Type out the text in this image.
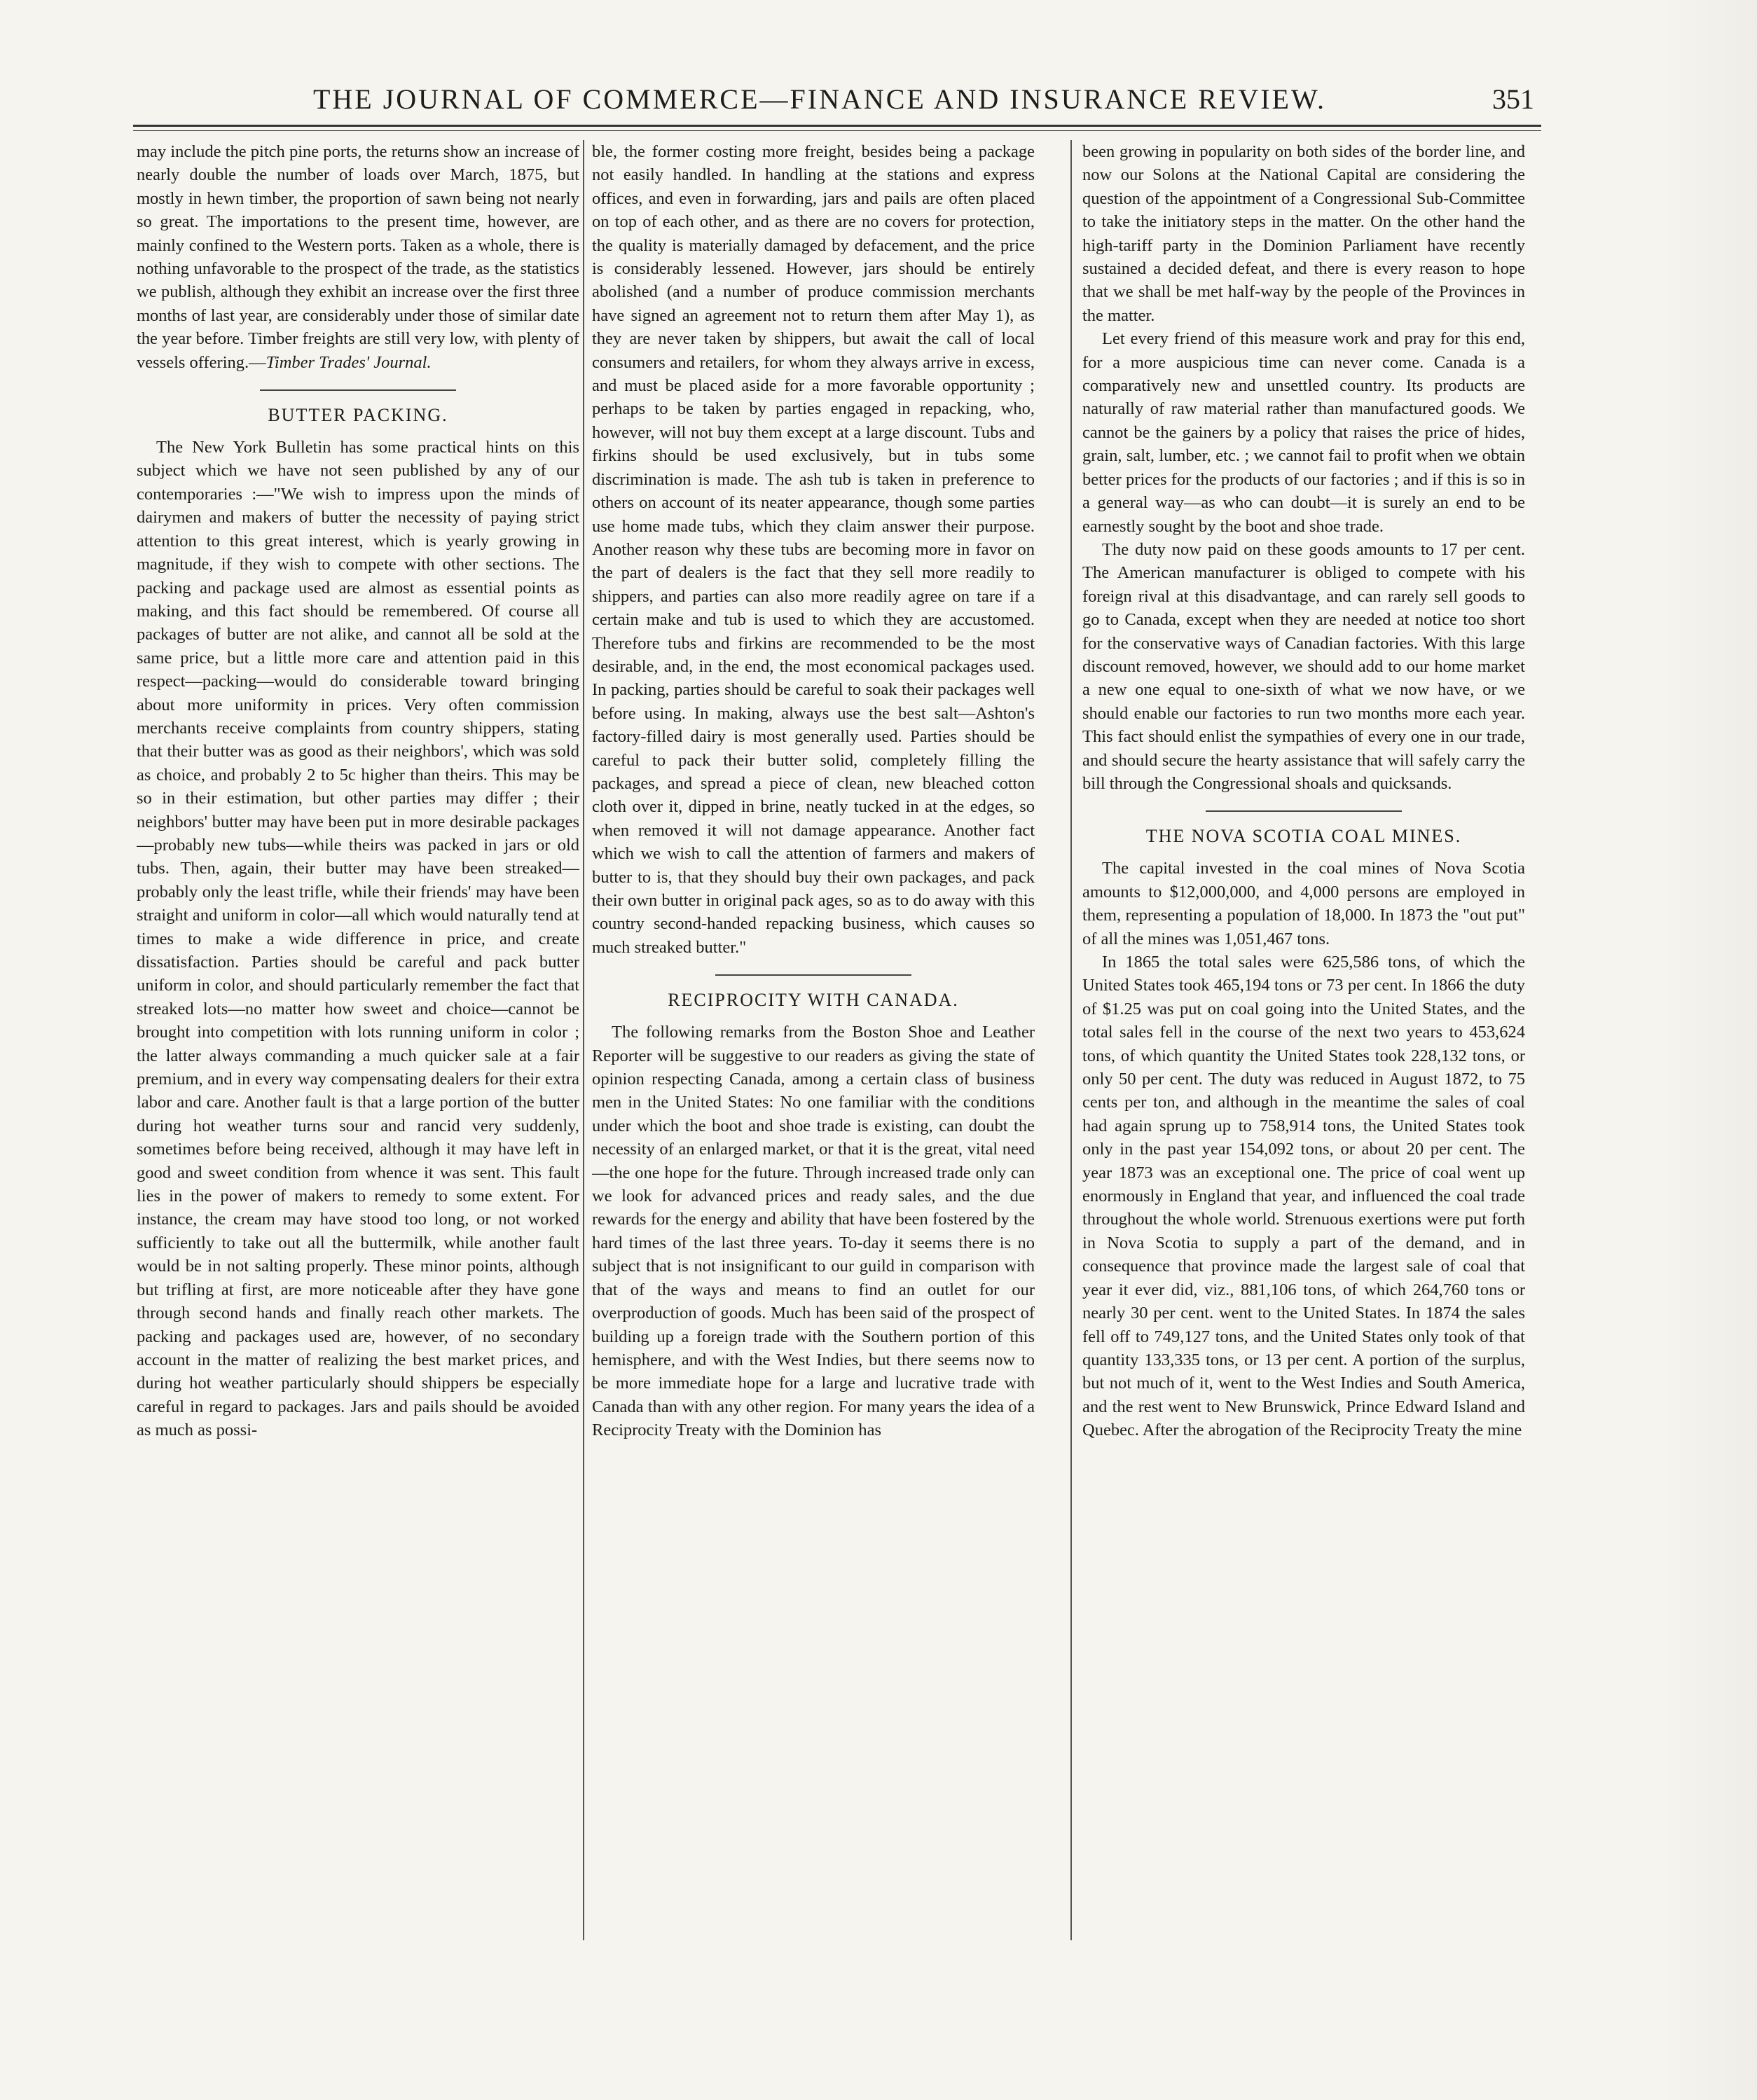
THE JOURNAL OF COMMERCE—FINANCE AND INSURANCE REVIEW.	351

may include the pitch pine ports, the returns show an increase of nearly double the number of loads over March, 1875, but mostly in hewn timber, the proportion of sawn being not nearly so great. The importations to the present time, however, are mainly confined to the Western ports. Taken as a whole, there is nothing unfavorable to the prospect of the trade, as the statistics we publish, although they exhibit an increase over the first three months of last year, are considerably under those of similar date the year before. Timber freights are still very low, with plenty of vessels offering.—Timber Trades' Journal.

BUTTER PACKING.

The New York Bulletin has some practical hints on this subject which we have not seen published by any of our contemporaries :—"We wish to impress upon the minds of dairymen and makers of butter the necessity of paying strict attention to this great interest, which is yearly growing in magnitude, if they wish to compete with other sections. The packing and package used are almost as essential points as making, and this fact should be remembered. Of course all packages of butter are not alike, and cannot all be sold at the same price, but a little more care and attention paid in this respect—packing—would do considerable toward bringing about more uniformity in prices. Very often commission merchants receive complaints from country shippers, stating that their butter was as good as their neighbors', which was sold as choice, and probably 2 to 5c higher than theirs. This may be so in their estimation, but other parties may differ ; their neighbors' butter may have been put in more desirable packages—probably new tubs—while theirs was packed in jars or old tubs. Then, again, their butter may have been streaked—probably only the least trifle, while their friends' may have been straight and uniform in color—all which would naturally tend at times to make a wide difference in price, and create dissatisfaction. Parties should be careful and pack butter uniform in color, and should particularly remember the fact that streaked lots—no matter how sweet and choice—cannot be brought into competition with lots running uniform in color ; the latter always commanding a much quicker sale at a fair premium, and in every way compensating dealers for their extra labor and care. Another fault is that a large portion of the butter during hot weather turns sour and rancid very suddenly, sometimes before being received, although it may have left in good and sweet condition from whence it was sent. This fault lies in the power of makers to remedy to some extent. For instance, the cream may have stood too long, or not worked sufficiently to take out all the buttermilk, while another fault would be in not salting properly. These minor points, although but trifling at first, are more noticeable after they have gone through second hands and finally reach other markets. The packing and packages used are, however, of no secondary account in the matter of realizing the best market prices, and during hot weather particularly should shippers be especially careful in regard to packages. Jars and pails should be avoided as much as possi-

ble, the former costing more freight, besides being a package not easily handled. In handling at the stations and express offices, and even in forwarding, jars and pails are often placed on top of each other, and as there are no covers for protection, the quality is materially damaged by defacement, and the price is considerably lessened. However, jars should be entirely abolished (and a number of produce commission merchants have signed an agreement not to return them after May 1), as they are never taken by shippers, but await the call of local consumers and retailers, for whom they always arrive in excess, and must be placed aside for a more favorable opportunity ; perhaps to be taken by parties engaged in repacking, who, however, will not buy them except at a large discount. Tubs and firkins should be used exclusively, but in tubs some discrimination is made. The ash tub is taken in preference to others on account of its neater appearance, though some parties use home made tubs, which they claim answer their purpose. Another reason why these tubs are becoming more in favor on the part of dealers is the fact that they sell more readily to shippers, and parties can also more readily agree on tare if a certain make and tub is used to which they are accustomed. Therefore tubs and firkins are recommended to be the most desirable, and, in the end, the most economical packages used. In packing, parties should be careful to soak their packages well before using. In making, always use the best salt—Ashton's factory-filled dairy is most generally used. Parties should be careful to pack their butter solid, completely filling the packages, and spread a piece of clean, new bleached cotton cloth over it, dipped in brine, neatly tucked in at the edges, so when removed it will not damage appearance. Another fact which we wish to call the attention of farmers and makers of butter to is, that they should buy their own packages, and pack their own butter in original pack ages, so as to do away with this country second-handed repacking business, which causes so much streaked butter."

RECIPROCITY WITH CANADA.

The following remarks from the Boston Shoe and Leather Reporter will be suggestive to our readers as giving the state of opinion respecting Canada, among a certain class of business men in the United States: No one familiar with the conditions under which the boot and shoe trade is existing, can doubt the necessity of an enlarged market, or that it is the great, vital need—the one hope for the future. Through increased trade only can we look for advanced prices and ready sales, and the due rewards for the energy and ability that have been fostered by the hard times of the last three years. To-day it seems there is no subject that is not insignificant to our guild in comparison with that of the ways and means to find an outlet for our overproduction of goods. Much has been said of the prospect of building up a foreign trade with the Southern portion of this hemisphere, and with the West Indies, but there seems now to be more immediate hope for a large and lucrative trade with Canada than with any other region. For many years the idea of a Reciprocity Treaty with the Dominion has

been growing in popularity on both sides of the border line, and now our Solons at the National Capital are considering the question of the appointment of a Congressional Sub-Committee to take the initiatory steps in the matter. On the other hand the high-tariff party in the Dominion Parliament have recently sustained a decided defeat, and there is every reason to hope that we shall be met half-way by the people of the Provinces in the matter.

Let every friend of this measure work and pray for this end, for a more auspicious time can never come. Canada is a comparatively new and unsettled country. Its products are naturally of raw material rather than manufactured goods. We cannot be the gainers by a policy that raises the price of hides, grain, salt, lumber, etc. ; we cannot fail to profit when we obtain better prices for the products of our factories ; and if this is so in a general way—as who can doubt—it is surely an end to be earnestly sought by the boot and shoe trade.

The duty now paid on these goods amounts to 17 per cent. The American manufacturer is obliged to compete with his foreign rival at this disadvantage, and can rarely sell goods to go to Canada, except when they are needed at notice too short for the conservative ways of Canadian factories. With this large discount removed, however, we should add to our home market a new one equal to one-sixth of what we now have, or we should enable our factories to run two months more each year. This fact should enlist the sympathies of every one in our trade, and should secure the hearty assistance that will safely carry the bill through the Congressional shoals and quicksands.

THE NOVA SCOTIA COAL MINES.

The capital invested in the coal mines of Nova Scotia amounts to $12,000,000, and 4,000 persons are employed in them, representing a population of 18,000. In 1873 the "out put" of all the mines was 1,051,467 tons.

In 1865 the total sales were 625,586 tons, of which the United States took 465,194 tons or 73 per cent. In 1866 the duty of $1.25 was put on coal going into the United States, and the total sales fell in the course of the next two years to 453,624 tons, of which quantity the United States took 228,132 tons, or only 50 per cent. The duty was reduced in August 1872, to 75 cents per ton, and although in the meantime the sales of coal had again sprung up to 758,914 tons, the United States took only in the past year 154,092 tons, or about 20 per cent. The year 1873 was an exceptional one. The price of coal went up enormously in England that year, and influenced the coal trade throughout the whole world. Strenuous exertions were put forth in Nova Scotia to supply a part of the demand, and in consequence that province made the largest sale of coal that year it ever did, viz., 881,106 tons, of which 264,760 tons or nearly 30 per cent. went to the United States. In 1874 the sales fell off to 749,127 tons, and the United States only took of that quantity 133,335 tons, or 13 per cent. A portion of the surplus, but not much of it, went to the West Indies and South America, and the rest went to New Brunswick, Prince Edward Island and Quebec. After the abrogation of the Reciprocity Treaty the mine
